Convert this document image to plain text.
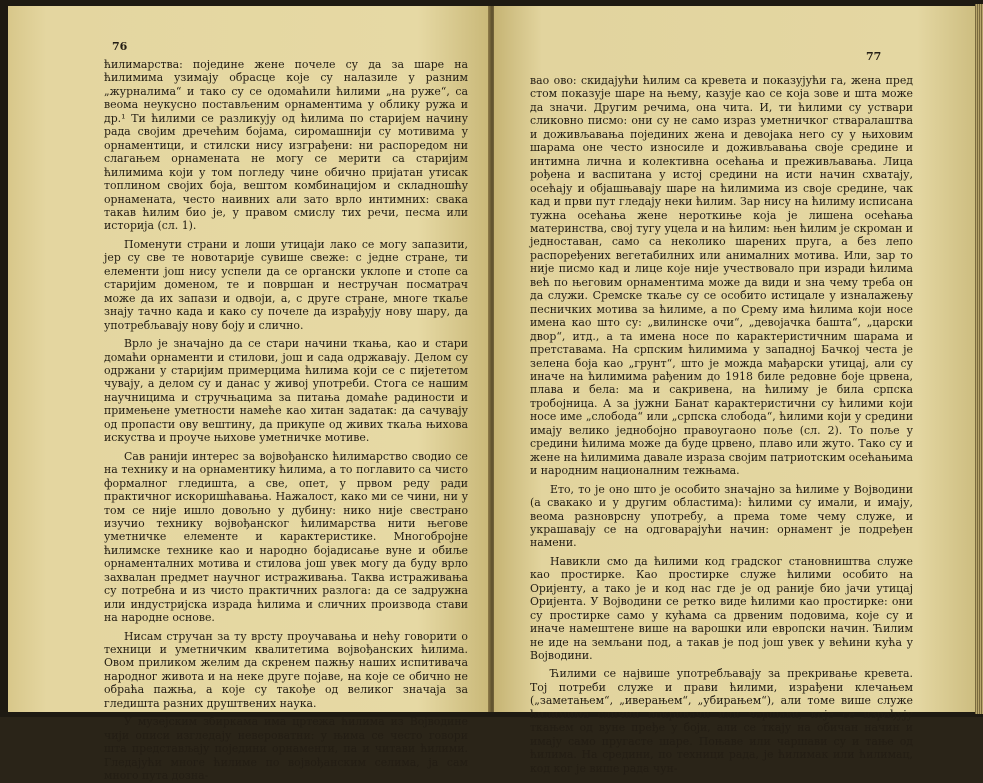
76

ћилимарства: поједине жене почеле су да за шаре на ћилимима узимају обрасце које су налазиле у разним „журналима“ и тако су се одомаћили ћилими „на руже“, са веома неукусно постављеним орнаментима у облику ружа и др.¹ Ти ћилими се разликују од ћилима по старијем начину рада својим дречећим бојама, сиромашнији су мотивима у орнаментици, и стилски нису изграђени: ни распоредом ни слагањем орнамената не могу се мерити са старијим ћилимима који у том погледу чине обично пријатан утисак топлином својих боја, вештом комбинацијом и складношћу орнамената, често наивних али зато врло интимних: свакa такав ћилим био је, у правом смислу тих речи, песма или историја (сл. 1).

Поменути страни и лоши утицаји лако се могу запазити, јер су све те новотарије сувише свеже: с једне стране, ти елементи још нису успели да се органски уклопе и стопе са старијим доменом, те и површан и нестручан посматрач може да их запази и одвоји, а, с друге стране, многе ткаље знају тачно када и како су почеле да израђују нову шару, да употребљавају нову боју и слично.

Врло је значајно да се стари начини ткања, као и стари домаћи орнаменти и стилови, још и сада одржавају. Делом су одржани у старијим примерцима ћилима који се с пијететом чувају, а делом су и данас у живој употреби. Стога се нашим научницима и стручњацима за питања домаће радиности и примењене уметности намеће као хитан задатак: да сачувају од пропасти ову вештину, да прикупе од живих ткаља њихова искуства и проуче њихове уметничке мотиве.

Сав ранији интерес за војвођанско ћилимарство сводио се на технику и на орнаментику ћилима, а то поглавито са чисто формалног гледишта, а све, опет, у првом реду ради практичног искоришћавања. Нажалост, како ми се чини, ни у том се није ишло довољно у дубину: нико није свестрано изучио технику војвођанског ћилимарства нити његове уметничке елементе и карактеристике. Многобројне ћилимске технике као и народно бојадисање вуне и обиље орнаменталних мотива и стилова још увек могу да буду врло захвалан предмет научног истраживања. Таква истраживања су потребна и из чисто практичних разлога: да се задружна или индустријска израда ћилима и сличних производа стави на народне основе.

Нисам стручан за ту врсту проучавања и нећу говорити о техници и уметничким квалитетима војвођанских ћилима. Овом приликом желим да скренем пажњу наших испитивача народног живота и на неке друге појаве, на које се обично не обраћа пажња, а које су такође од великог значаја за гледишта разних друштвених наука.

У музејским збиркама има цртежа ћилима из Војводине чији описи изгледају невероватни: у њима се често говори шта представљају поједини орнаменти, па и читави ћилими. Гледајући многе ћилиме по војвођанским селима, ја сам много пута дозна-

77

вао ово: скидајући ћилим са кревета и показујући га, жена пред стом показује шаре на њему, казује као се која зове и шта може да значи. Другим речима, она чита. И, ти ћилими су уствари сликовно писмо: они су не само израз уметничког стваралаштва и доживљавања појединих жена и девојака него су у њиховим шарама оне често износиле и доживљавања своје средине и интимна лична и колективна осећања и преживљавања. Лица рођена и васпитана у истој средини на исти начин схватају, осећају и објашњавају шаре на ћилимима из своје средине, чак кад и први пут гледају неки ћилим. Зар нису на ћилиму исписана тужна осећања жене нероткиње која је лишена осећања материнства, свој тугу уцела и на ћилим: њен ћилим је скроман и једноставан, само са неколико шарених пруга, а без лепо распоређених вегетабилних или анималних мотива. Или, зар то није писмо кад и лице које није учествовало при изради ћилима већ по његовим орнаментима може да види и зна чему треба он да служи. Сремске ткаље су се особито истицале у изналажењу песничких мотива за ћилиме, а по Срему има ћилима који носе имена као што су: „вилинске очи“, „девојачка башта“, „царски двор“, итд., а та имена носе по карактеристичним шарама и претставама. На српским ћилимима у западној Бачкој честа је зелена боја као „грунт“, што је можда мађарски утицај, али су иначе на ћилимима рађеним до 1918 биле редовне боје црвена, плава и бела: ма и сакривена, на ћилиму је била српска тробојница. А за јужни Банат карактеристични су ћилими који носе име „слобода“ или „српска слобода“, ћилими који у средини имају велико једнобојно правоугаоно поље (сл. 2). То поље у средини ћилима може да буде црвено, плаво или жуто. Тако су и жене на ћилимима давале израза својим патриотским осећањима и народним националним тежњама.

Ето, то је оно што је особито значајно за ћилиме у Војводини (а свакако и у другим областима): ћилими су имали, и имају, веома разноврсну употребу, а према томе чему служе, и украшавају се на одговарајући начин: орнамент је подређен намени.

Навикли смо да ћилими код градског становништва служе као простирке. Као простирке служе ћилими особито на Оријенту, а тако је и код нас где је од раније био јачи утицај Оријента. У Војводини се ретко виде ћилими као простирке: они су простирке само у кућама са дрвеним подовима, које су и иначе намештене више на варошки или европски начин. Ћилим не иде на земљани под, а такав је под још увек у већини кућа у Војводини.

Ћилими се највише употребљавају за прекривање кревета. Тој потреби служе и прави ћилими, израђени клечањем („заметањем“, „иверањем“, „убирањем“), али томе више служе ћилимима слични покривачи или чаршави, које се израђују ткањем од вуне пређе у боји, али се ткају на обичан начин и имају само пругасте шаре. Поњаве или чаршави су и тање од ћилима. На средини, по техници рада, је ћилимак или ћилимац, код ког је више рада чун-
